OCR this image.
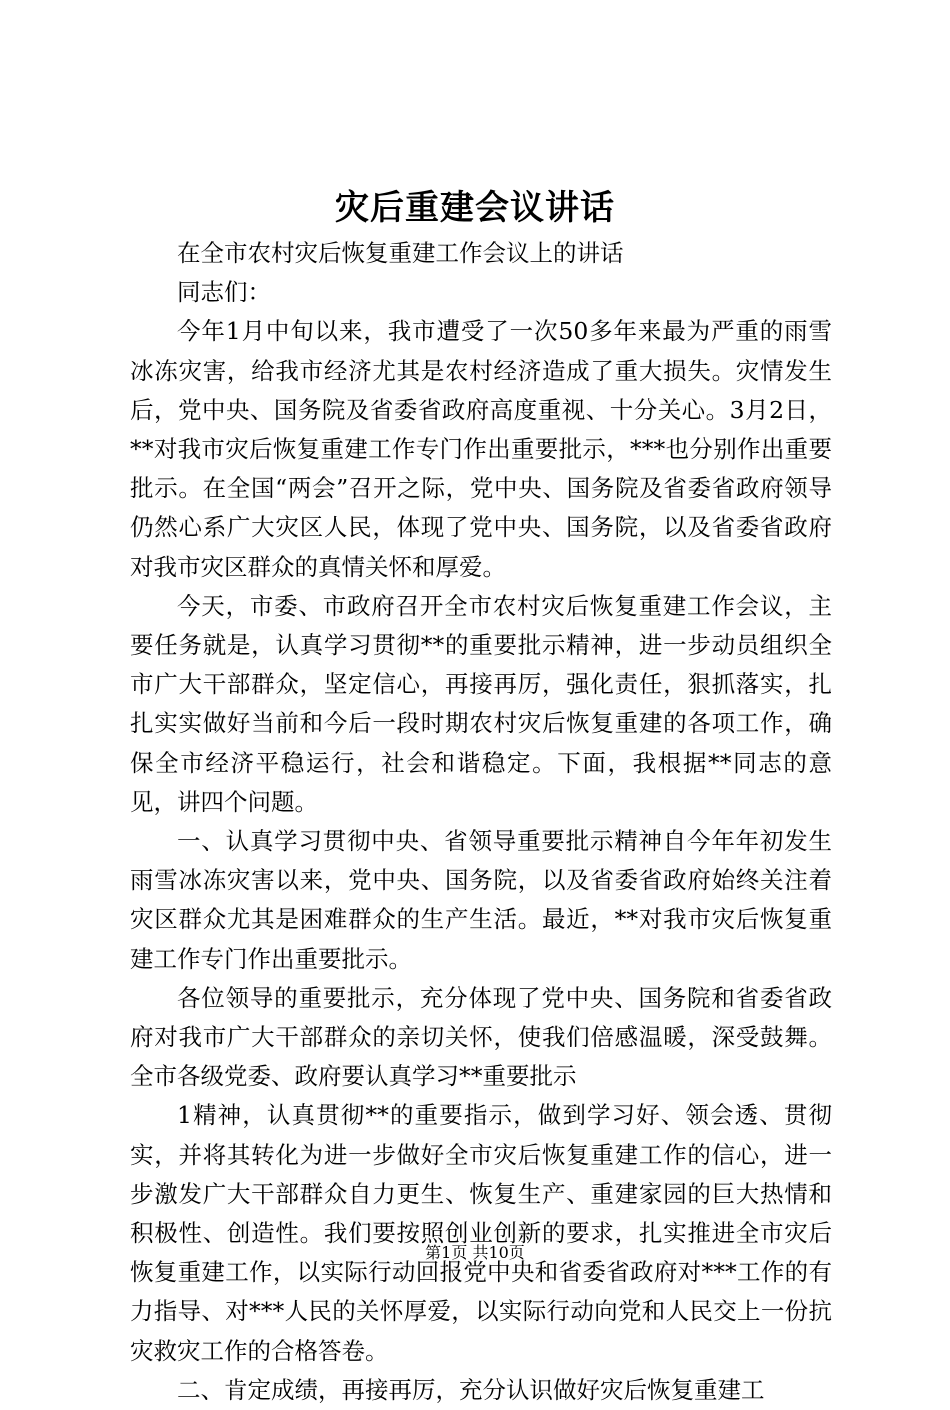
灾后重建会议讲话

在全市农村灾后恢复重建工作会议上的讲话

同志们：

今年1月中旬以来，我市遭受了一次50多年来最为严重的雨雪冰冻灾害，给我市经济尤其是农村经济造成了重大损失。灾情发生后，党中央、国务院及省委省政府高度重视、十分关心。3月2日，**对我市灾后恢复重建工作专门作出重要批示，***也分别作出重要批示。在全国“两会”召开之际，党中央、国务院及省委省政府领导仍然心系广大灾区人民，体现了党中央、国务院，以及省委省政府对我市灾区群众的真情关怀和厚爱。

今天，市委、市政府召开全市农村灾后恢复重建工作会议，主要任务就是，认真学习贯彻**的重要批示精神，进一步动员组织全市广大干部群众，坚定信心，再接再厉，强化责任，狠抓落实，扎扎实实做好当前和今后一段时期农村灾后恢复重建的各项工作，确保全市经济平稳运行，社会和谐稳定。下面，我根据**同志的意见，讲四个问题。

一、认真学习贯彻中央、省领导重要批示精神自今年年初发生雨雪冰冻灾害以来，党中央、国务院，以及省委省政府始终关注着灾区群众尤其是困难群众的生产生活。最近，**对我市灾后恢复重建工作专门作出重要批示。

各位领导的重要批示，充分体现了党中央、国务院和省委省政府对我市广大干部群众的亲切关怀，使我们倍感温暖，深受鼓舞。全市各级党委、政府要认真学习**重要批示

1精神，认真贯彻**的重要指示，做到学习好、领会透、贯彻实，并将其转化为进一步做好全市灾后恢复重建工作的信心，进一步激发广大干部群众自力更生、恢复生产、重建家园的巨大热情和积极性、创造性。我们要按照创业创新的要求，扎实推进全市灾后恢复重建工作，以实际行动回报党中央和省委省政府对***工作的有力指导、对***人民的关怀厚爱，以实际行动向党和人民交上一份抗灾救灾工作的合格答卷。

二、肯定成绩，再接再厉，充分认识做好灾后恢复重建工

第1页 共10页
